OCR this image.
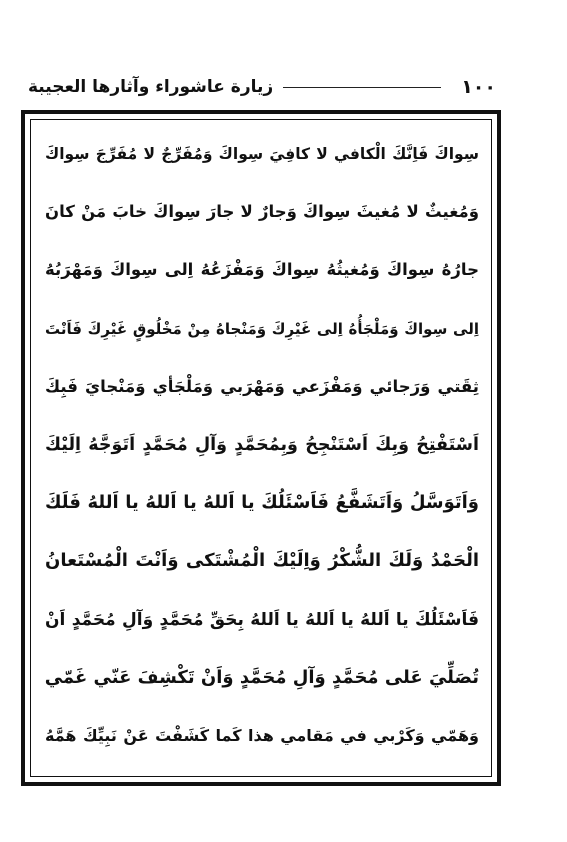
١٠٠
زيارة عاشوراء وآثارها العجيبة
سِواكَ فَاِنَّكَ الْكافي لا كافِيَ سِواكَ وَمُفَرِّجٌ لا مُفَرِّجَ سِواكَ
وَمُغيثٌ لا مُغيثَ سِواكَ وَجارٌ لا جارَ سِواكَ خابَ مَنْ كانَ
جارُهُ سِواكَ وَمُغيثُهُ سِواكَ وَمَفْزَعُهُ اِلى سِواكَ وَمَهْرَبُهُ
اِلى سِواكَ وَمَلْجَأُهُ اِلى غَيْرِكَ وَمَنْجاهُ مِنْ مَخْلُوقٍ غَيْرِكَ فَاَنْتَ
ثِقَتي وَرَجائي وَمَفْزَعي وَمَهْرَبي وَمَلْجَأي وَمَنْجايَ فَبِكَ
اَسْتَفْتِحُ وَبِكَ اَسْتَنْجِحُ وَبِمُحَمَّدٍ وَآلِ مُحَمَّدٍ اَتَوَجَّهُ اِلَيْكَ
وَاَتَوَسَّلُ وَاَتَشَفَّعُ فَاَسْئَلُكَ يا اَللهُ يا اَللهُ يا اَللهُ فَلَكَ
الْحَمْدُ وَلَكَ الشُّكْرُ وَاِلَيْكَ الْمُشْتَكى وَاَنْتَ الْمُسْتَعانُ
فَاَسْئَلُكَ يا اَللهُ يا اَللهُ يا اَللهُ بِحَقِّ مُحَمَّدٍ وَآلِ مُحَمَّدٍ اَنْ
تُصَلِّيَ عَلى مُحَمَّدٍ وَآلِ مُحَمَّدٍ وَاَنْ تَكْشِفَ عَنّي غَمّي
وَهَمّي وَكَرْبي في مَقامي هذا كَما كَشَفْتَ عَنْ نَبِيِّكَ هَمَّهُ
